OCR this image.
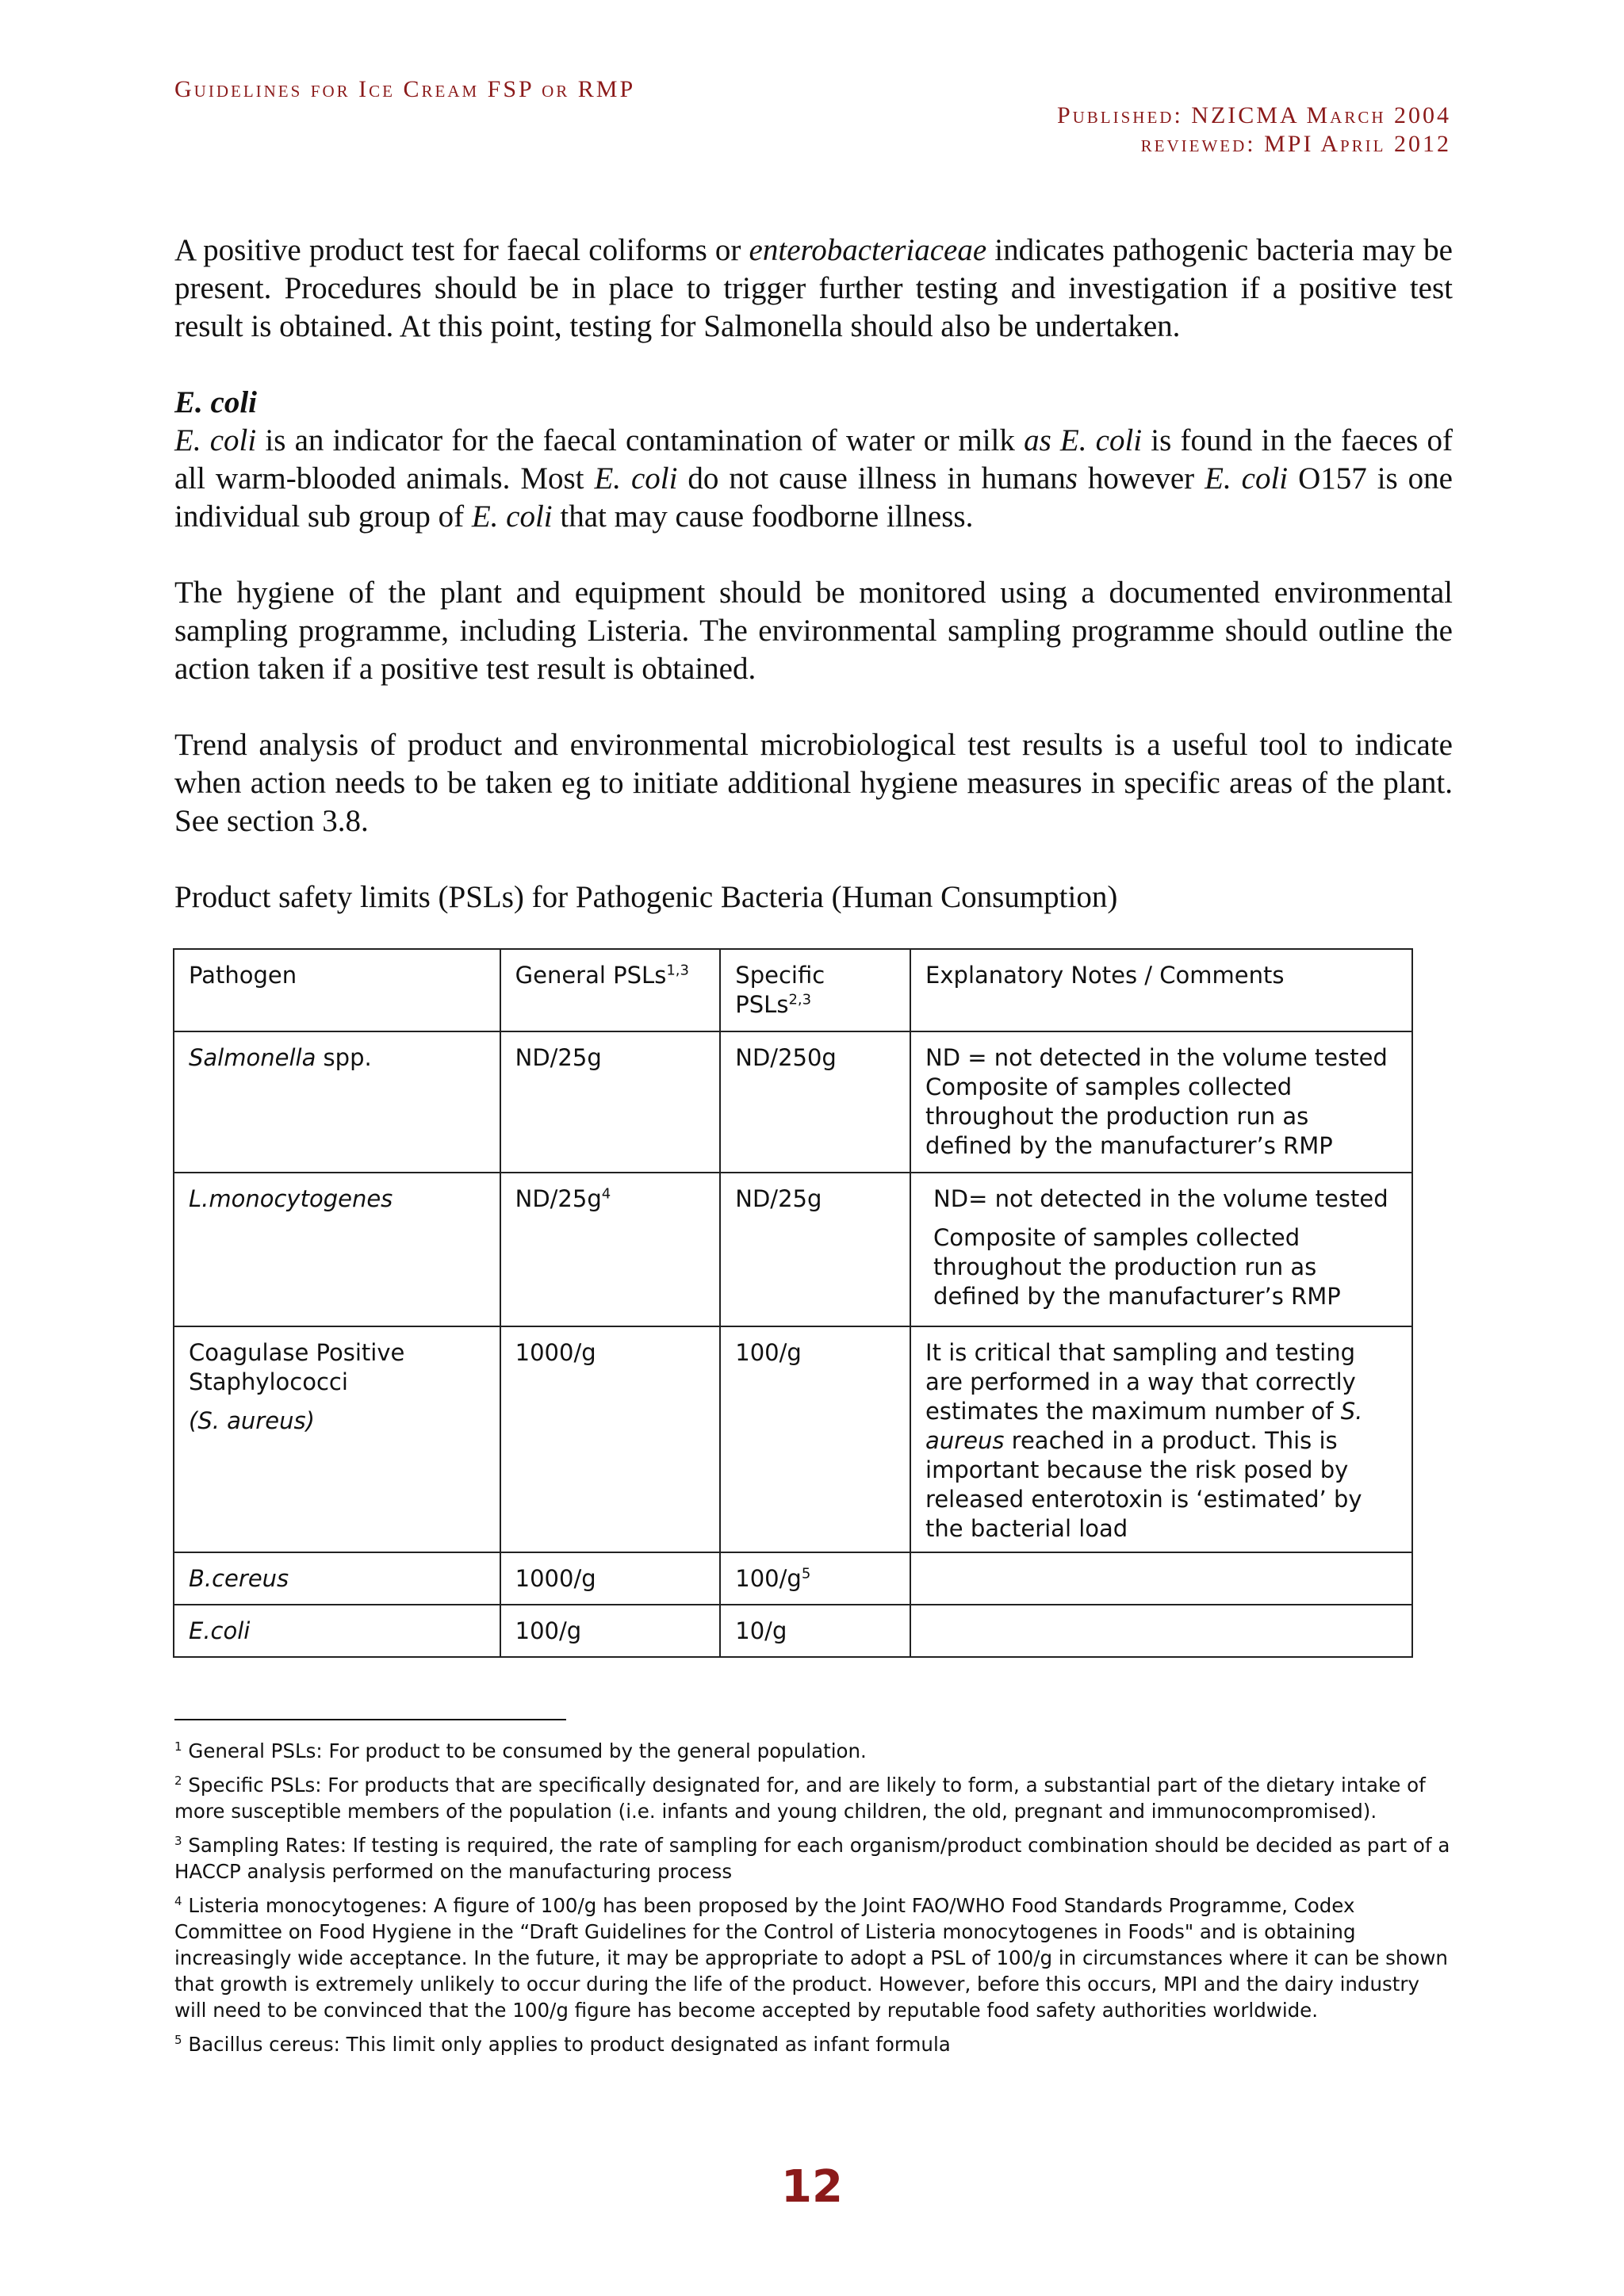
Guidelines for Ice Cream FSP or RMP
Published: NZICMA March 2004
reviewed: MPI April 2012

A positive product test for faecal coliforms or enterobacteriaceae indicates pathogenic bacteria may be present. Procedures should be in place to trigger further testing and investigation if a positive test result is obtained. At this point, testing for Salmonella should also be undertaken.

E. coli

E. coli is an indicator for the faecal contamination of water or milk as E. coli is found in the faeces of all warm-blooded animals. Most E. coli do not cause illness in humans however E. coli O157 is one individual sub group of E. coli that may cause foodborne illness.

The hygiene of the plant and equipment should be monitored using a documented environmental sampling programme, including Listeria. The environmental sampling programme should outline the action taken if a positive test result is obtained.

Trend analysis of product and environmental microbiological test results is a useful tool to indicate when action needs to be taken eg to initiate additional hygiene measures in specific areas of the plant. See section 3.8.

Product safety limits (PSLs) for Pathogenic Bacteria (Human Consumption)

Pathogen	General PSLs$^{1,3}$	Specific
PSLs$^{2,3}$	Explanatory Notes / Comments
Salmonella spp.	ND/25g	ND/250g	ND = not detected in the volume tested Composite of samples collected throughout the production run as defined by the manufacturer’s RMP
L.monocytogenes	ND/25g$^4$	ND/25g	ND= not detected in the volume tested
Composite of samples collected throughout the production run as defined by the manufacturer’s RMP

Coagulase Positive Staphylococci
(S. aureus)	1000/g	100/g	It is critical that sampling and testing are performed in a way that correctly estimates the maximum number of S. aureus reached in a product. This is important because the risk posed by released enterotoxin is ‘estimated’ by the bacterial load
B.cereus	1000/g	100/g$^5$	
E.coli	100/g	10/g	
$^1$ General PSLs: For product to be consumed by the general population.
$^2$ Specific PSLs: For products that are specifically designated for, and are likely to form, a substantial part of the dietary intake of more susceptible members of the population (i.e. infants and young children, the old, pregnant and immunocompromised).
$^3$ Sampling Rates: If testing is required, the rate of sampling for each organism/product combination should be decided as part of a HACCP analysis performed on the manufacturing process
$^4$ Listeria monocytogenes: A figure of 100/g has been proposed by the Joint FAO/WHO Food Standards Programme, Codex Committee on Food Hygiene in the “Draft Guidelines for the Control of Listeria monocytogenes in Foods" and is obtaining increasingly wide acceptance. In the future, it may be appropriate to adopt a PSL of 100/g in circumstances where it can be shown that growth is extremely unlikely to occur during the life of the product. However, before this occurs, MPI and the dairy industry will need to be convinced that the 100/g figure has become accepted by reputable food safety authorities worldwide.
$^5$ Bacillus cereus: This limit only applies to product designated as infant formula
12
